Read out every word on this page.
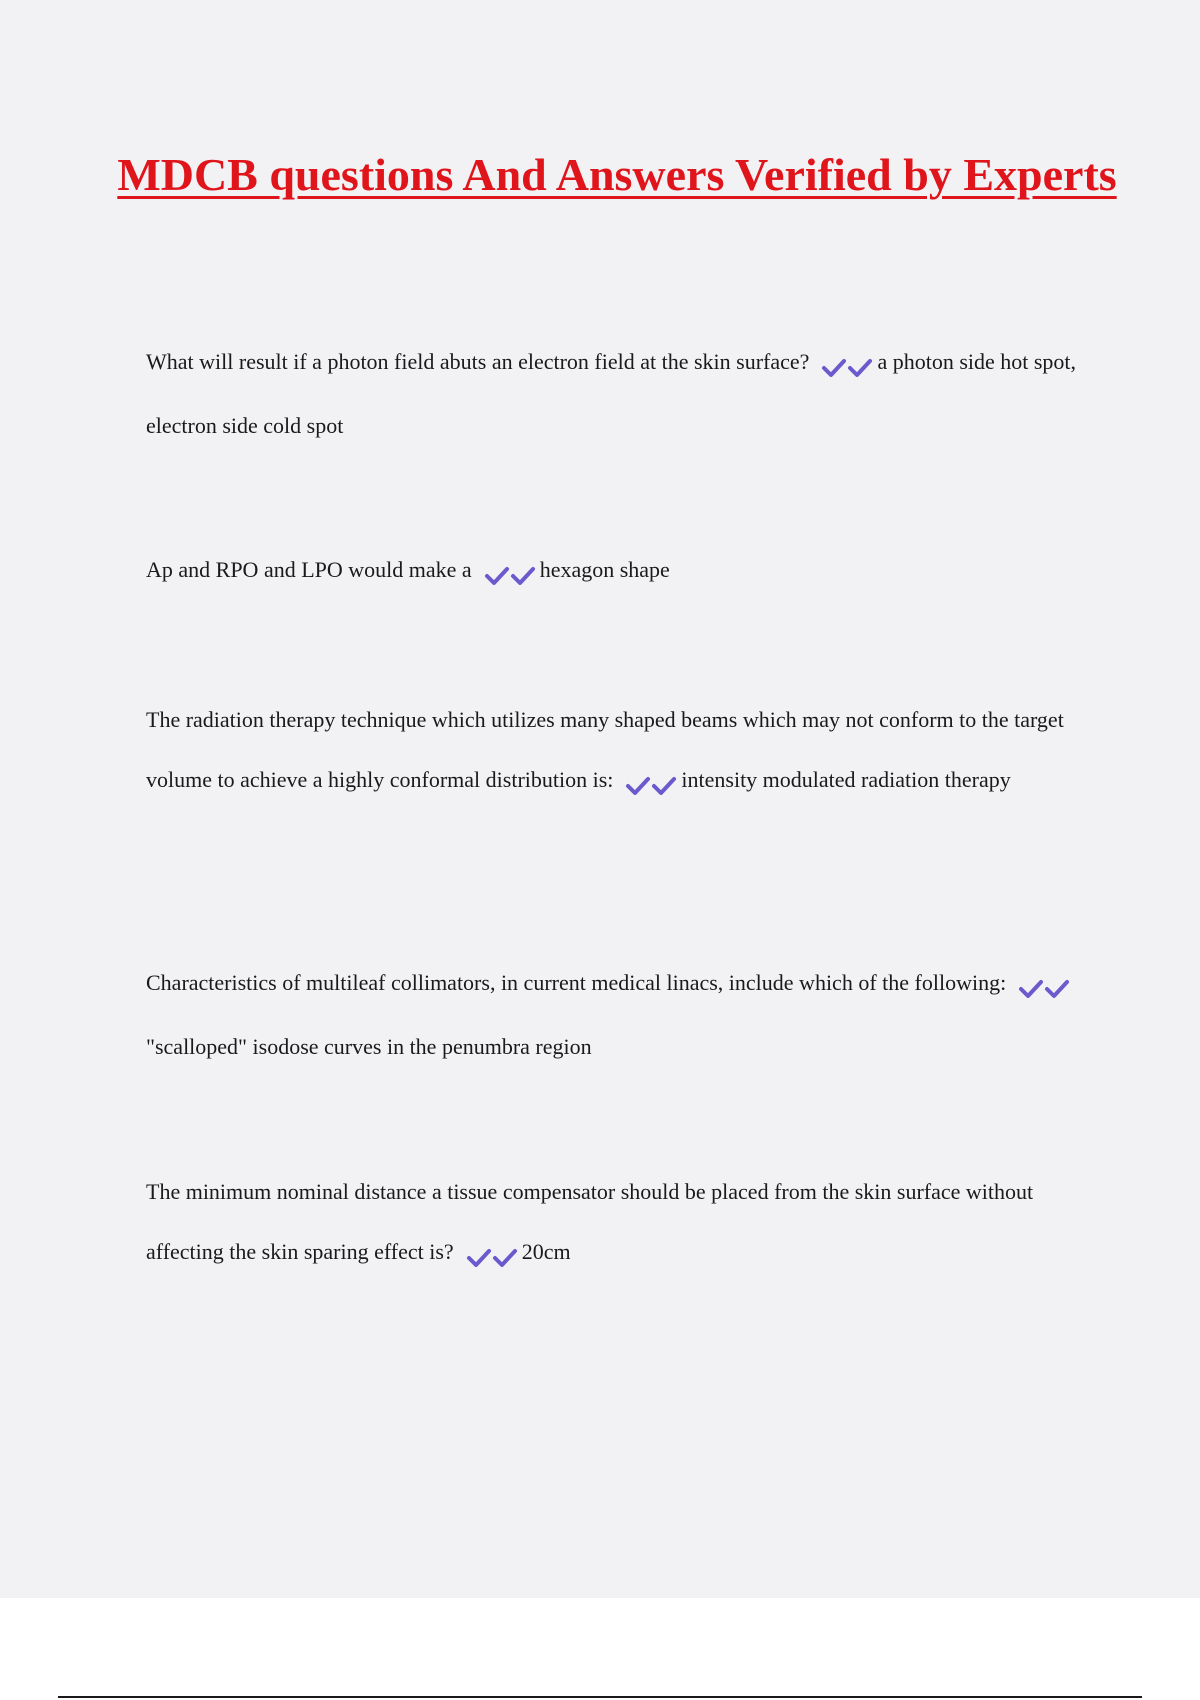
MDCB questions And Answers Verified by Experts

What will result if a photon field abuts an electron field at the skin surface?	a photon side hot spot, electron side cold spot

Ap and RPO and LPO would make a	hexagon shape

The radiation therapy technique which utilizes many shaped beams which may not conform to the target volume to achieve a highly conformal distribution is:	intensity modulated radiation therapy

Characteristics of multileaf collimators, in current medical linacs, include which of the following:
"scalloped" isodose curves in the penumbra region

The minimum nominal distance a tissue compensator should be placed from the skin surface without affecting the skin sparing effect is?	20cm
